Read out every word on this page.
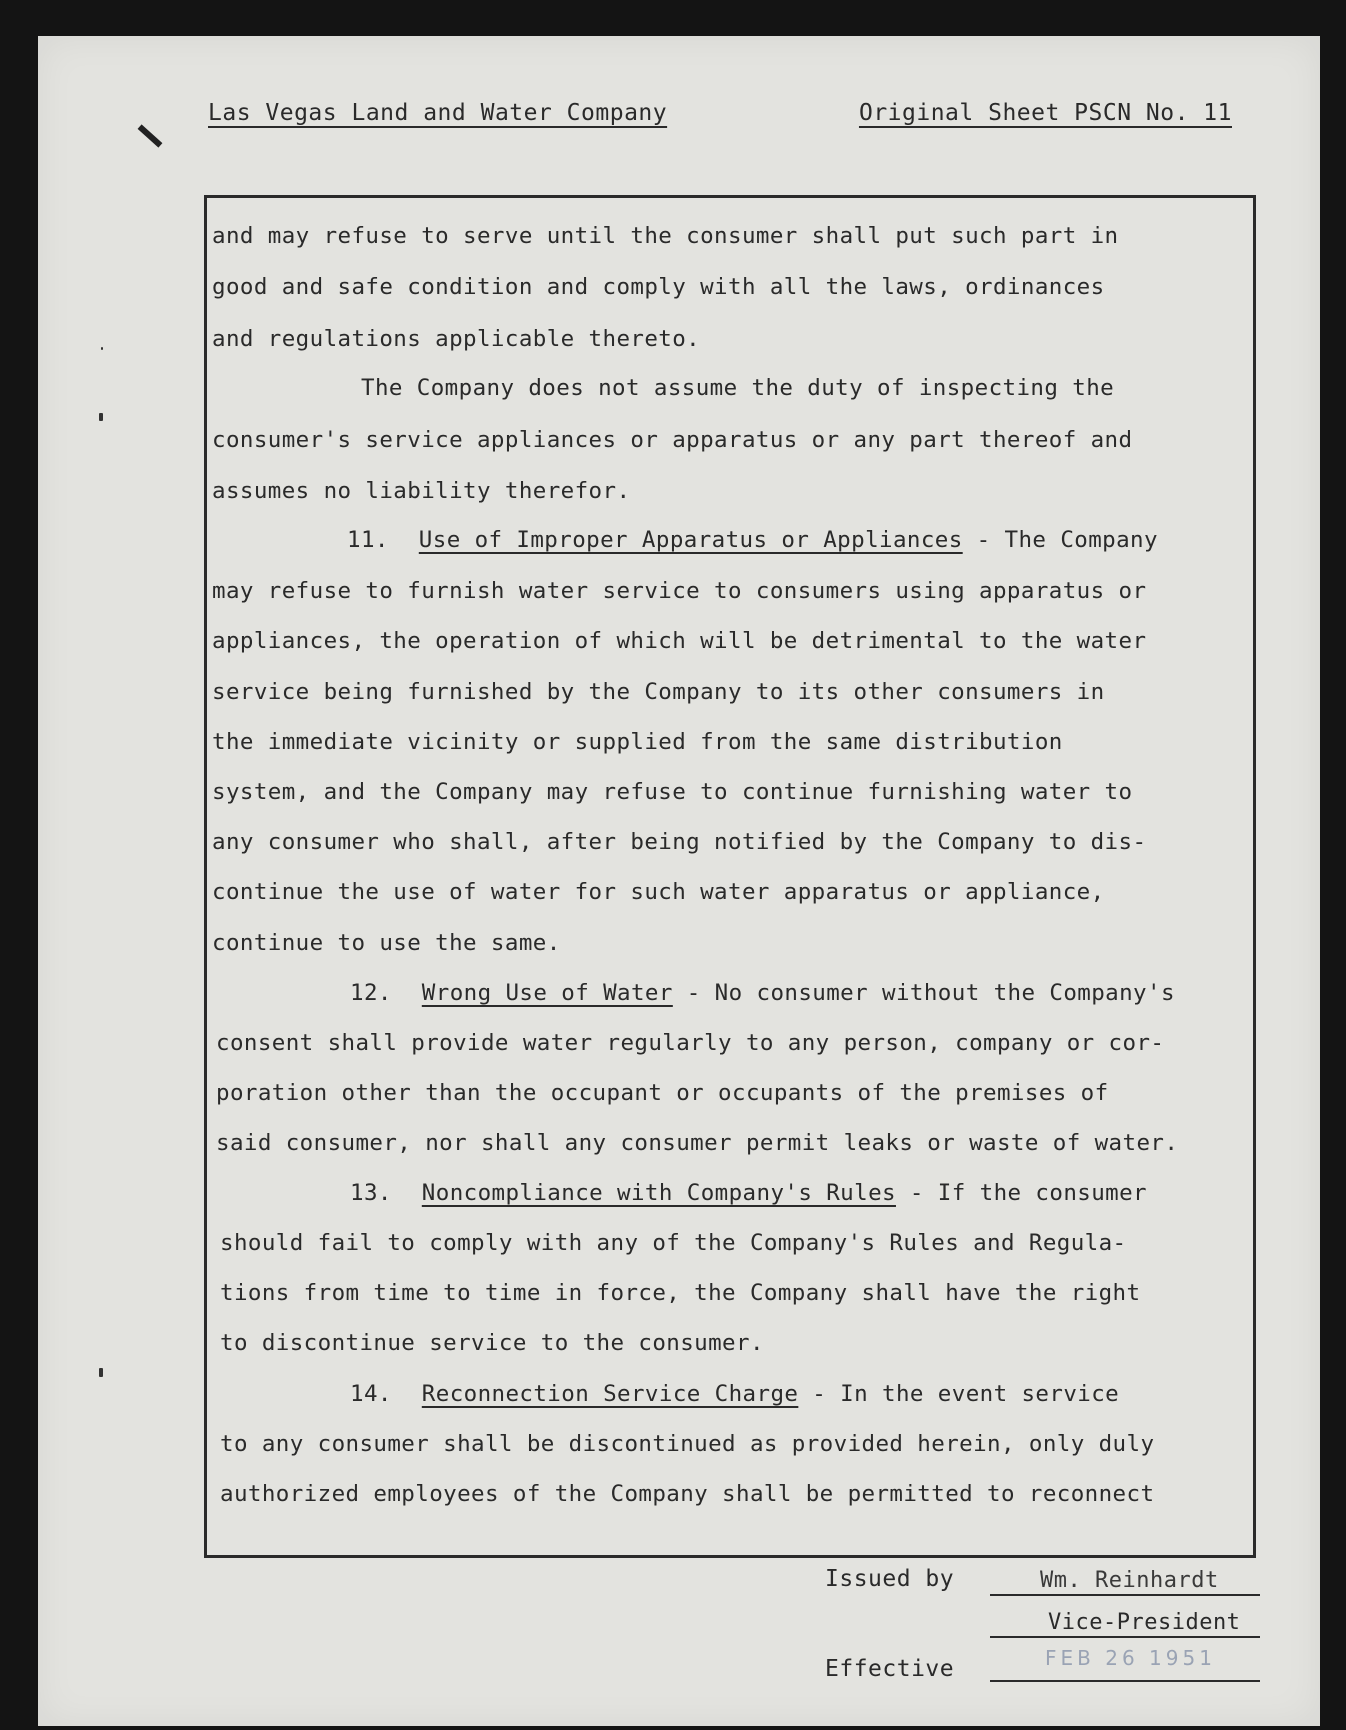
Las Vegas Land and Water Company	Original Sheet PSCN No. 11
and may refuse to serve until the consumer shall put such part in
good and safe condition and comply with all the laws, ordinances
and regulations applicable thereto.
The Company does not assume the duty of inspecting the
consumer's service appliances or apparatus or any part thereof and
assumes no liability therefor.
11. Use of Improper Apparatus or Appliances - The Company
may refuse to furnish water service to consumers using apparatus or
appliances, the operation of which will be detrimental to the water
service being furnished by the Company to its other consumers in
the immediate vicinity or supplied from the same distribution
system, and the Company may refuse to continue furnishing water to
any consumer who shall, after being notified by the Company to dis-
continue the use of water for such water apparatus or appliance,
continue to use the same.
12. Wrong Use of Water - No consumer without the Company's
consent shall provide water regularly to any person, company or cor-
poration other than the occupant or occupants of the premises of
said consumer, nor shall any consumer permit leaks or waste of water.
13. Noncompliance with Company's Rules - If the consumer
should fail to comply with any of the Company's Rules and Regula-
tions from time to time in force, the Company shall have the right
to discontinue service to the consumer.
14. Reconnection Service Charge - In the event service
to any consumer shall be discontinued as provided herein, only duly
authorized employees of the Company shall be permitted to reconnect
Issued by	Wm. Reinhardt
Vice-President
Effective	FEB 26 1951
